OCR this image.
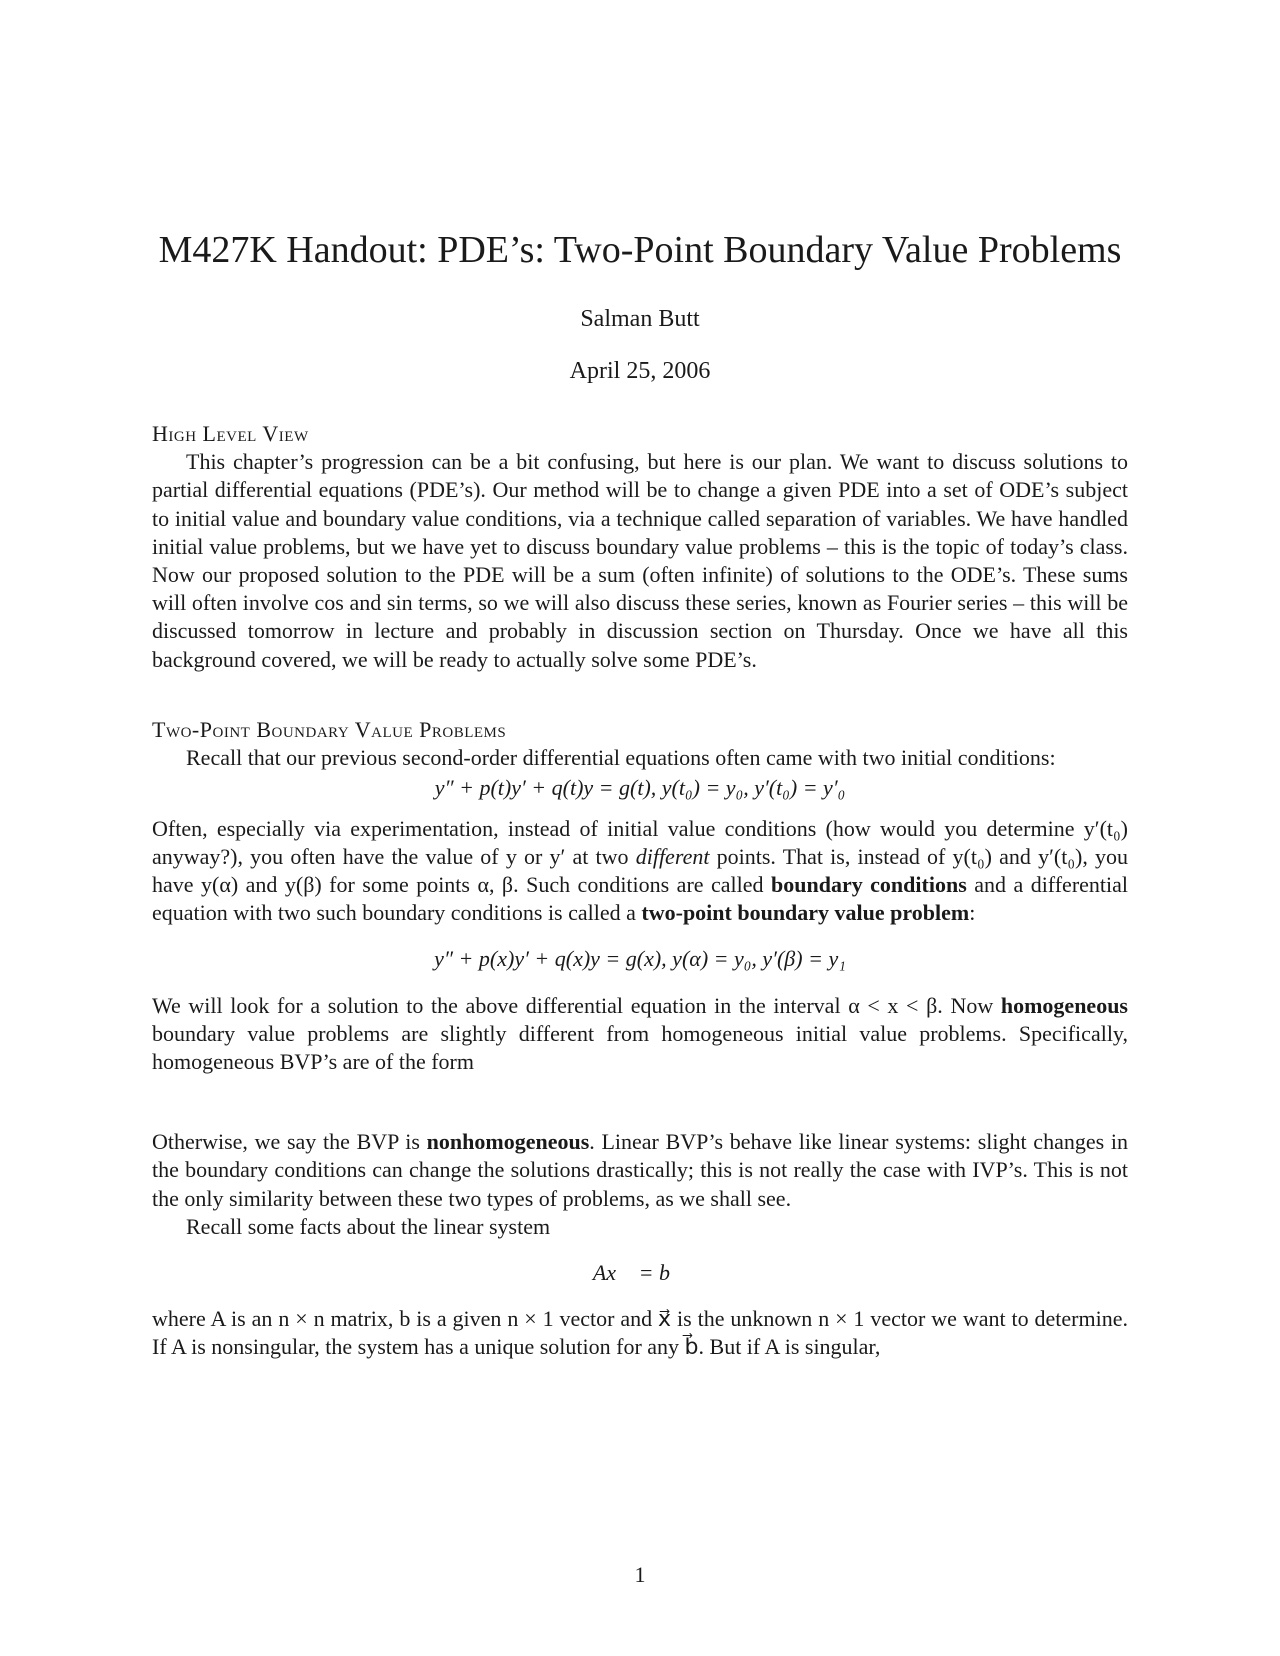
M427K Handout: PDE’s: Two-Point Boundary Value Problems
Salman Butt
April 25, 2006
High Level View

This chapter’s progression can be a bit confusing, but here is our plan. We want to discuss solutions to partial differential equations (PDE’s). Our method will be to change a given PDE into a set of ODE’s subject to initial value and boundary value conditions, via a technique called separation of variables. We have handled initial value problems, but we have yet to discuss boundary value problems – this is the topic of today’s class. Now our proposed solution to the PDE will be a sum (often infinite) of solutions to the ODE’s. These sums will often involve cos and sin terms, so we will also discuss these series, known as Fourier series – this will be discussed tomorrow in lecture and probably in discussion section on Thursday. Once we have all this background covered, we will be ready to actually solve some PDE’s.

Two-Point Boundary Value Problems

Recall that our previous second-order differential equations often came with two initial conditions:

y″ + p(t)y′ + q(t)y = g(t), y(t₀) = y₀, y′(t₀) = y′₀

Often, especially via experimentation, instead of initial value conditions (how would you determine y′(t₀) anyway?), you often have the value of y or y′ at two different points. That is, instead of y(t₀) and y′(t₀), you have y(α) and y(β) for some points α, β. Such conditions are called boundary conditions and a differential equation with two such boundary conditions is called a two-point boundary value problem:

y″ + p(x)y′ + q(x)y = g(x), y(α) = y₀, y′(β) = y₁

We will look for a solution to the above differential equation in the interval α < x < β. Now homogeneous boundary value problems are slightly different from homogeneous initial value problems. Specifically, homogeneous BVP’s are of the form

Otherwise, we say the BVP is nonhomogeneous. Linear BVP’s behave like linear systems: slight changes in the boundary conditions can change the solutions drastically; this is not really the case with IVP’s. This is not the only similarity between these two types of problems, as we shall see.

Recall some facts about the linear system

Ax⃗ = b⃗

where A is an n × n matrix, b is a given n × 1 vector and x⃗ is the unknown n × 1 vector we want to determine. If A is nonsingular, the system has a unique solution for any b⃗. But if A is singular,

1
